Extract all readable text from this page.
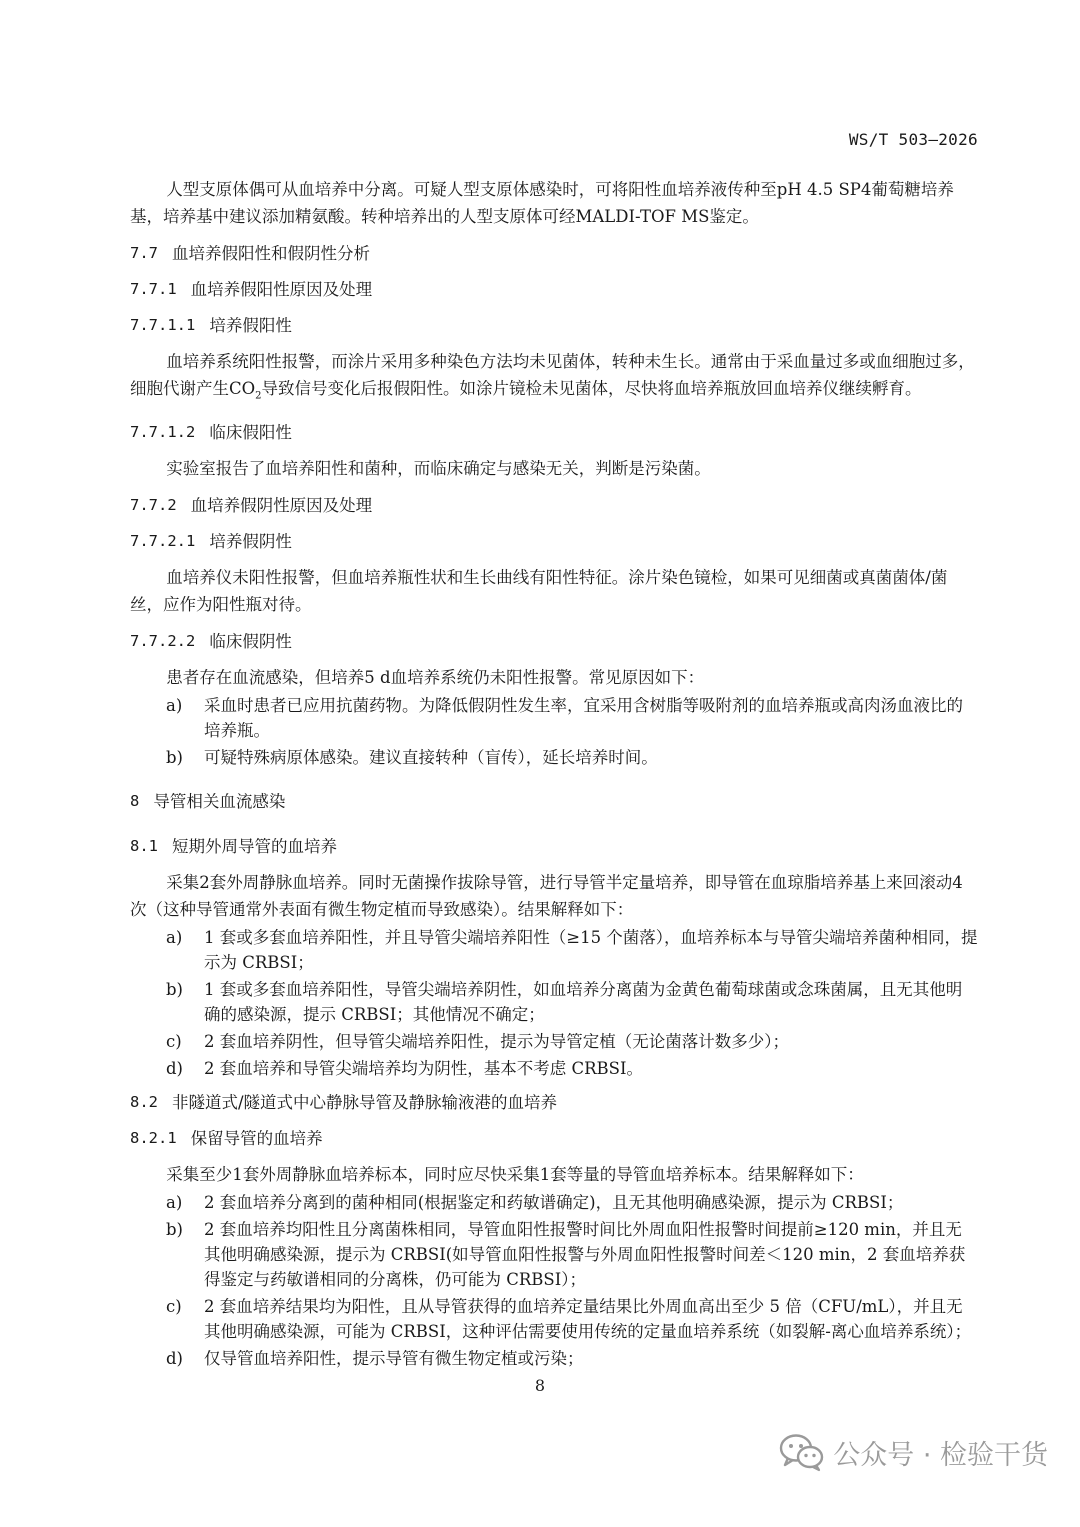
WS/T 503—2026

人型支原体偶可从血培养中分离。可疑人型支原体感染时，可将阳性血培养液传种至pH 4.5 SP4葡萄糖培养基，培养基中建议添加精氨酸。转种培养出的人型支原体可经MALDI-TOF MS鉴定。

7.7 血培养假阳性和假阴性分析
7.7.1 血培养假阳性原因及处理
7.7.1.1 培养假阳性

血培养系统阳性报警，而涂片采用多种染色方法均未见菌体，转种未生长。通常由于采血量过多或血细胞过多，细胞代谢产生$CO_2$导致信号变化后报假阳性。如涂片镜检未见菌体，尽快将血培养瓶放回血培养仪继续孵育。

7.7.1.2 临床假阳性

实验室报告了血培养阳性和菌种，而临床确定与感染无关，判断是污染菌。

7.7.2 血培养假阴性原因及处理
7.7.2.1 培养假阴性

血培养仪未阳性报警，但血培养瓶性状和生长曲线有阳性特征。涂片染色镜检，如果可见细菌或真菌菌体/菌丝，应作为阳性瓶对待。

7.7.2.2 临床假阴性

患者存在血流感染，但培养5 d血培养系统仍未阳性报警。常见原因如下：

a)	采血时患者已应用抗菌药物。为降低假阴性发生率，宜采用含树脂等吸附剂的血培养瓶或高肉汤血液比的培养瓶。
b)	可疑特殊病原体感染。建议直接转种（盲传），延长培养时间。
8 导管相关血流感染
8.1 短期外周导管的血培养

采集2套外周静脉血培养。同时无菌操作拔除导管，进行导管半定量培养，即导管在血琼脂培养基上来回滚动4次（这种导管通常外表面有微生物定植而导致感染）。结果解释如下：

a)	1 套或多套血培养阳性，并且导管尖端培养阳性（≥15 个菌落），血培养标本与导管尖端培养菌种相同，提示为 CRBSI；
b)	1 套或多套血培养阳性，导管尖端培养阴性，如血培养分离菌为金黄色葡萄球菌或念珠菌属，且无其他明确的感染源，提示 CRBSI；其他情况不确定；
c)	2 套血培养阴性，但导管尖端培养阳性，提示为导管定植（无论菌落计数多少）；
d)	2 套血培养和导管尖端培养均为阴性，基本不考虑 CRBSI。
8.2 非隧道式/隧道式中心静脉导管及静脉输液港的血培养
8.2.1 保留导管的血培养

采集至少1套外周静脉血培养标本，同时应尽快采集1套等量的导管血培养标本。结果解释如下：

a)	2 套血培养分离到的菌种相同(根据鉴定和药敏谱确定)，且无其他明确感染源，提示为 CRBSI；
b)	2 套血培养均阳性且分离菌株相同，导管血阳性报警时间比外周血阳性报警时间提前≥120 min，并且无其他明确感染源，提示为 CRBSI(如导管血阳性报警与外周血阳性报警时间差＜120 min，2 套血培养获得鉴定与药敏谱相同的分离株，仍可能为 CRBSI）；
c)	2 套血培养结果均为阳性，且从导管获得的血培养定量结果比外周血高出至少 5 倍（CFU/mL），并且无其他明确感染源，可能为 CRBSI，这种评估需要使用传统的定量血培养系统（如裂解-离心血培养系统）；
d)	仅导管血培养阳性，提示导管有微生物定植或污染；
8
公众号 · 检验干货
